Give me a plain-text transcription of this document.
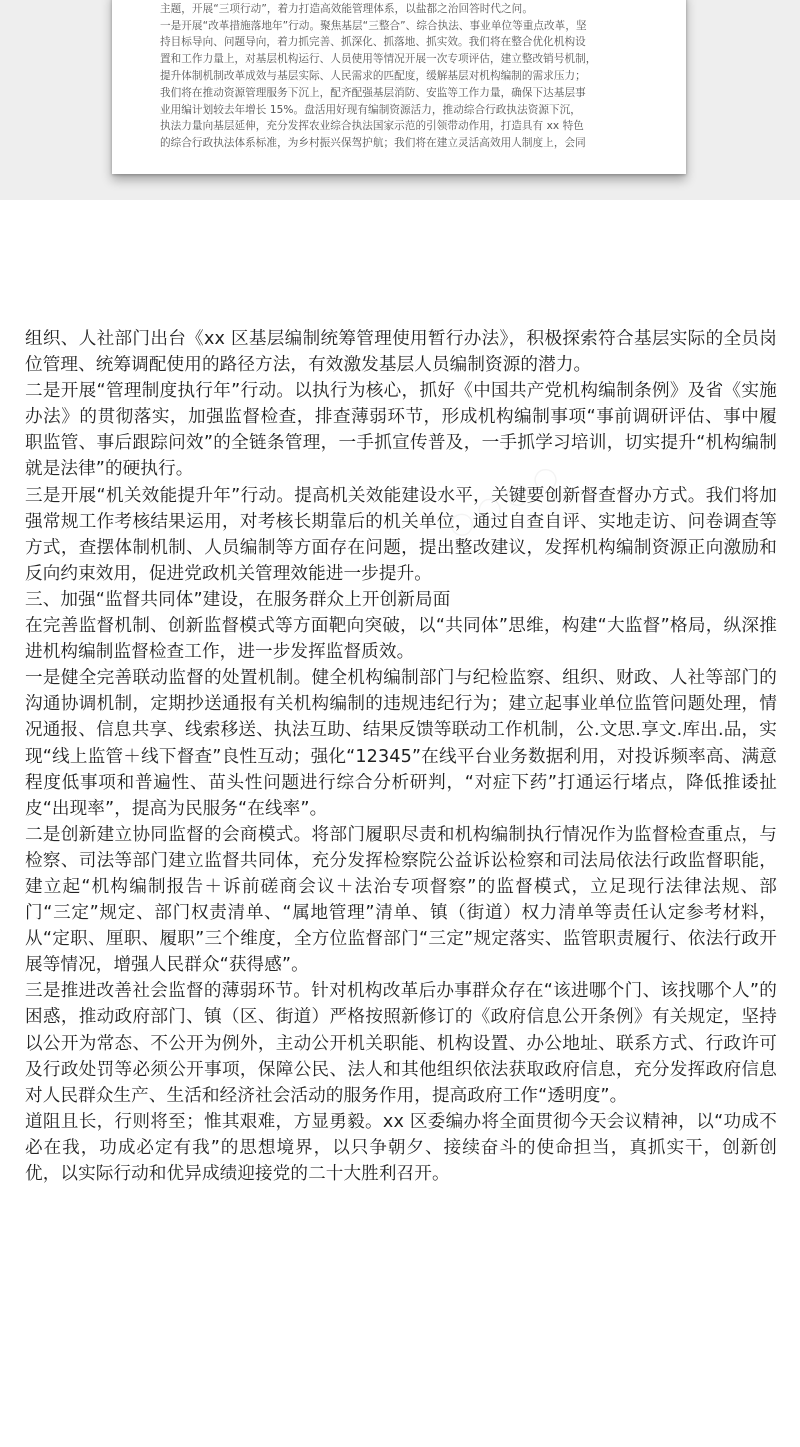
主题，开展“三项行动”，着力打造高效能管理体系，以盐都之治回答时代之问。
一是开展“改革措施落地年”行动。聚焦基层“三整合”、综合执法、事业单位等重点改革，坚
持目标导向、问题导向，着力抓完善、抓深化、抓落地、抓实效。我们将在整合优化机构设
置和工作力量上，对基层机构运行、人员使用等情况开展一次专项评估，建立整改销号机制，
提升体制机制改革成效与基层实际、人民需求的匹配度，缓解基层对机构编制的需求压力；
我们将在推动资源管理服务下沉上，配齐配强基层消防、安监等工作力量，确保下达基层事
业用编计划较去年增长 15%。盘活用好现有编制资源活力，推动综合行政执法资源下沉，
执法力量向基层延伸，充分发挥农业综合执法国家示范的引领带动作用，打造具有 xx 特色
的综合行政执法体系标准，为乡村振兴保驾护航；我们将在建立灵活高效用人制度上，会同
◯ ◯ ◯ ◯

组织、人社部门出台《xx 区基层编制统筹管理使用暂行办法》，积极探索符合基层实际的全员岗位管理、统筹调配使用的路径方法，有效激发基层人员编制资源的潜力。

二是开展“管理制度执行年”行动。以执行为核心，抓好《中国共产党机构编制条例》及省《实施办法》的贯彻落实，加强监督检查，排查薄弱环节，形成机构编制事项“事前调研评估、事中履职监管、事后跟踪问效”的全链条管理，一手抓宣传普及，一手抓学习培训，切实提升“机构编制就是法律”的硬执行。

三是开展“机关效能提升年”行动。提高机关效能建设水平，关键要创新督查督办方式。我们将加强常规工作考核结果运用，对考核长期靠后的机关单位，通过自查自评、实地走访、问卷调查等方式，查摆体制机制、人员编制等方面存在问题，提出整改建议，发挥机构编制资源正向激励和反向约束效用，促进党政机关管理效能进一步提升。

三、加强“监督共同体”建设，在服务群众上开创新局面

在完善监督机制、创新监督模式等方面靶向突破，以“共同体”思维，构建“大监督”格局，纵深推进机构编制监督检查工作，进一步发挥监督质效。

一是健全完善联动监督的处置机制。健全机构编制部门与纪检监察、组织、财政、人社等部门的沟通协调机制，定期抄送通报有关机构编制的违规违纪行为；建立起事业单位监管问题处理，情况通报、信息共享、线索移送、执法互助、结果反馈等联动工作机制，公.文思.享文.库出.品，实现“线上监管＋线下督查”良性互动；强化“12345”在线平台业务数据利用，对投诉频率高、满意程度低事项和普遍性、苗头性问题进行综合分析研判，“对症下药”打通运行堵点，降低推诿扯皮“出现率”，提高为民服务“在线率”。

二是创新建立协同监督的会商模式。将部门履职尽责和机构编制执行情况作为监督检查重点，与检察、司法等部门建立监督共同体，充分发挥检察院公益诉讼检察和司法局依法行政监督职能，建立起“机构编制报告＋诉前磋商会议＋法治专项督察”的监督模式，立足现行法律法规、部门“三定”规定、部门权责清单、“属地管理”清单、镇（街道）权力清单等责任认定参考材料，从“定职、厘职、履职”三个维度，全方位监督部门“三定”规定落实、监管职责履行、依法行政开展等情况，增强人民群众“获得感”。

三是推进改善社会监督的薄弱环节。针对机构改革后办事群众存在“该进哪个门、该找哪个人”的困惑，推动政府部门、镇（区、街道）严格按照新修订的《政府信息公开条例》有关规定，坚持以公开为常态、不公开为例外，主动公开机关职能、机构设置、办公地址、联系方式、行政许可及行政处罚等必须公开事项，保障公民、法人和其他组织依法获取政府信息，充分发挥政府信息对人民群众生产、生活和经济社会活动的服务作用，提高政府工作“透明度”。

道阻且长，行则将至；惟其艰难，方显勇毅。xx 区委编办将全面贯彻今天会议精神，以“功成不必在我，功成必定有我”的思想境界，以只争朝夕、接续奋斗的使命担当，真抓实干，创新创优，以实际行动和优异成绩迎接党的二十大胜利召开。
